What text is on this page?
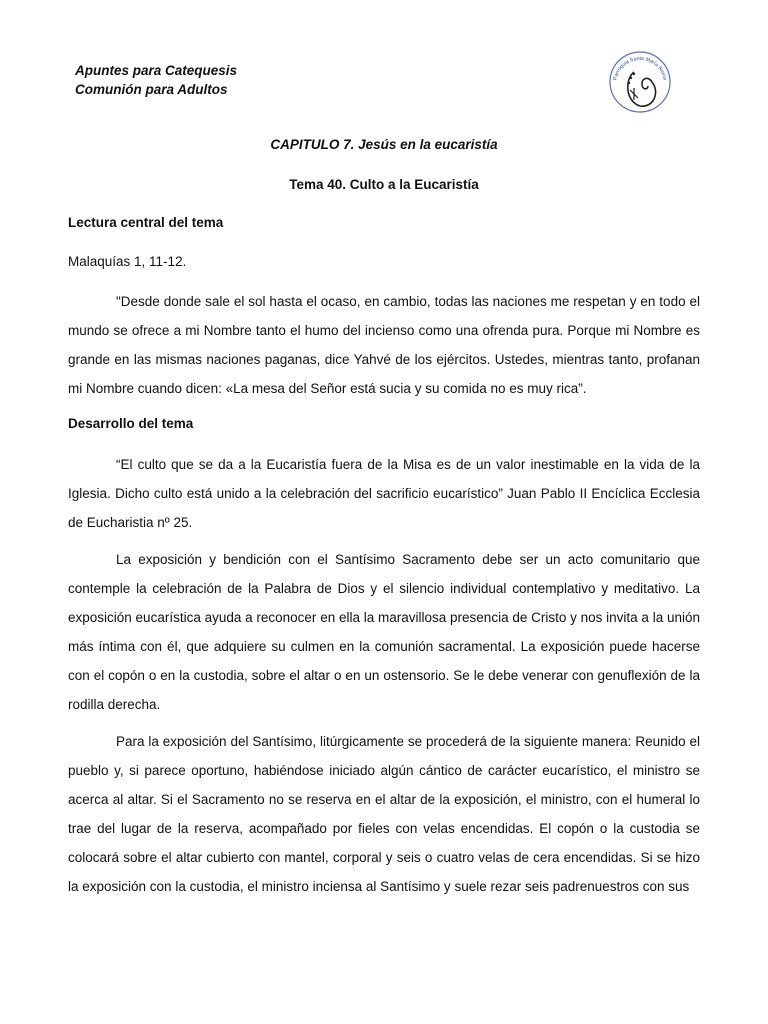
Apuntes para Catequesis
Comunión para Adultos
Parroquia Santa María Reina
CAPITULO 7. Jesús en la eucaristía
Tema 40. Culto a la Eucaristía
Lectura central del tema
Malaquías 1, 11-12.
"Desde donde sale el sol hasta el ocaso, en cambio, todas las naciones me respetan y en todo el mundo se ofrece a mi Nombre tanto el humo del incienso como una ofrenda pura. Porque mi Nombre es grande en las mismas naciones paganas, dice Yahvé de los ejércitos. Ustedes, mientras tanto, profanan mi Nombre cuando dicen: «La mesa del Señor está sucia y su comida no es muy rica”.
Desarrollo del tema
“El culto que se da a la Eucaristía fuera de la Misa es de un valor inestimable en la vida de la Iglesia. Dicho culto está unido a la celebración del sacrificio eucarístico” Juan Pablo II Encíclica Ecclesia de Eucharistia nº 25.
La exposición y bendición con el Santísimo Sacramento debe ser un acto comunitario que contemple la celebración de la Palabra de Dios y el silencio individual contemplativo y meditativo. La exposición eucarística ayuda a reconocer en ella la maravillosa presencia de Cristo y nos invita a la unión más íntima con él, que adquiere su culmen en la comunión sacramental. La exposición puede hacerse con el copón o en la custodia, sobre el altar o en un ostensorio. Se le debe venerar con genuflexión de la rodilla derecha.
Para la exposición del Santísimo, litúrgicamente se procederá de la siguiente manera: Reunido el pueblo y, si parece oportuno, habiéndose iniciado algún cántico de carácter eucarístico, el ministro se acerca al altar. Si el Sacramento no se reserva en el altar de la exposición, el ministro, con el humeral lo trae del lugar de la reserva, acompañado por fieles con velas encendidas. El copón o la custodia se colocará sobre el altar cubierto con mantel, corporal y seis o cuatro velas de cera encendidas. Si se hizo la exposición con la custodia, el ministro inciensa al Santísimo y suele rezar seis padrenuestros con sus
